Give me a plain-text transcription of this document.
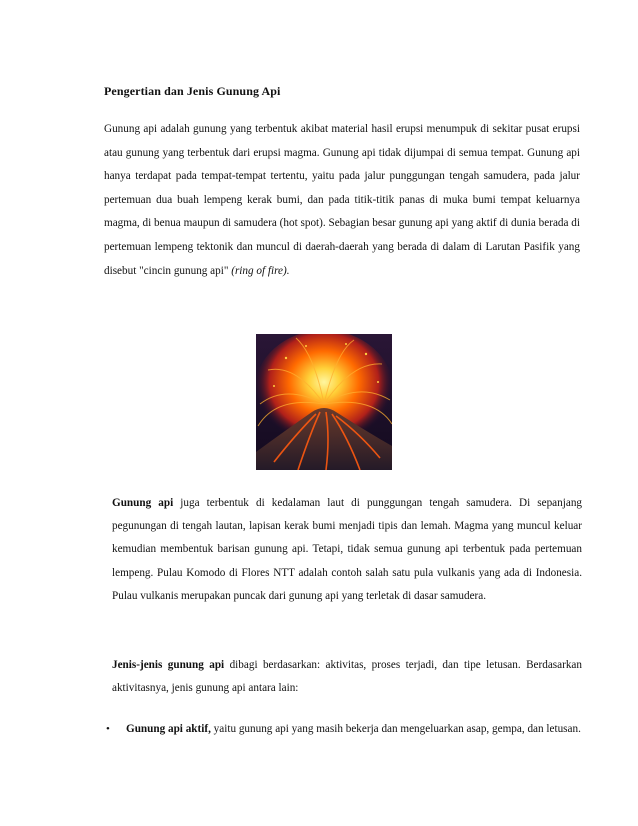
Pengertian dan Jenis Gunung Api

Gunung api adalah gunung yang terbentuk akibat material hasil erupsi menumpuk di sekitar pusat erupsi atau gunung yang terbentuk dari erupsi magma. Gunung api tidak dijumpai di semua tempat. Gunung api hanya terdapat pada tempat-tempat tertentu, yaitu pada jalur punggungan tengah samudera, pada jalur pertemuan dua buah lempeng kerak bumi, dan pada titik-titik panas di muka bumi tempat keluarnya magma, di benua maupun di samudera (hot spot). Sebagian besar gunung api yang aktif di dunia berada di pertemuan lempeng tektonik dan muncul di daerah-daerah yang berada di dalam di Larutan Pasifik yang disebut "cincin gunung api" (ring of fire).

Gunung api juga terbentuk di kedalaman laut di punggungan tengah samudera. Di sepanjang pegunungan di tengah lautan, lapisan kerak bumi menjadi tipis dan lemah. Magma yang muncul keluar kemudian membentuk barisan gunung api. Tetapi, tidak semua gunung api terbentuk pada pertemuan lempeng. Pulau Komodo di Flores NTT adalah contoh salah satu pula vulkanis yang ada di Indonesia. Pulau vulkanis merupakan puncak dari gunung api yang terletak di dasar samudera.

Jenis-jenis gunung api dibagi berdasarkan: aktivitas, proses terjadi, dan tipe letusan. Berdasarkan aktivitasnya, jenis gunung api antara lain:

• Gunung api aktif, yaitu gunung api yang masih bekerja dan mengeluarkan asap, gempa, dan letusan.
